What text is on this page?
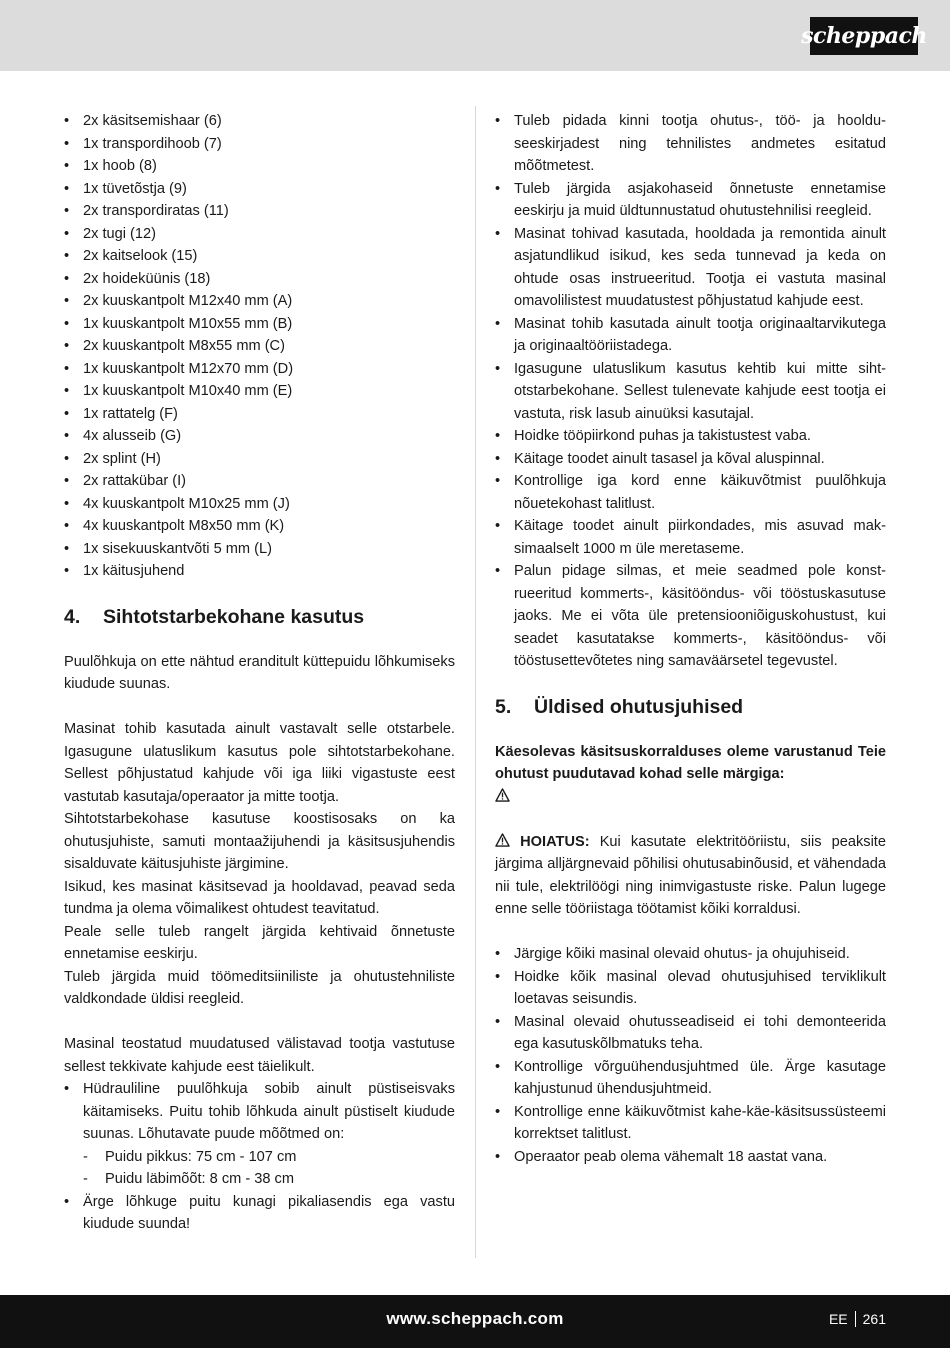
scheppach
• 2x käsitsemishaar (6)
• 1x transpordihoob (7)
• 1x hoob (8)
• 1x tüvetõstja (9)
• 2x transpordiratas (11)
• 2x tugi (12)
• 2x kaitselook (15)
• 2x hoideküünis (18)
• 2x kuuskantpolt M12x40 mm (A)
• 1x kuuskantpolt M10x55 mm (B)
• 2x kuuskantpolt M8x55 mm (C)
• 1x kuuskantpolt M12x70 mm (D)
• 1x kuuskantpolt M10x40 mm (E)
• 1x rattatelg (F)
• 4x alusseib (G)
• 2x splint (H)
• 2x rattakübar (I)
• 4x kuuskantpolt M10x25 mm (J)
• 4x kuuskantpolt M8x50 mm (K)
• 1x sisekuuskantvõti 5 mm (L)
• 1x käitusjuhend
4.	Sihtotstarbekohane kasutus

Puulõhkuja on ette nähtud eranditult küttepuidu lõhkumiseks kiudude suunas.

Masinat tohib kasutada ainult vastavalt selle otstarbele. Igasugune ulatuslikum kasutus pole sihtotstarbekohane. Sellest põhjustatud kahjude või iga liiki vigastuste eest vastutab kasutaja/operaator ja mitte tootja.

Sihtotstarbekohase kasutuse koostisosaks on ka ohutusjuhiste, samuti montaažijuhendi ja käsitsusjuhendis sisalduvate käitusjuhiste järgimine.

Isikud, kes masinat käsitsevad ja hooldavad, peavad seda tundma ja olema võimalikest ohtudest teavitatud.

Peale selle tuleb rangelt järgida kehtivaid õnnetuste ennetamise eeskirju.

Tuleb järgida muid töömeditsiiniliste ja ohutustehniliste valdkondade üldisi reegleid.

Masinal teostatud muudatused välistavad tootja vastutuse sellest tekkivate kahjude eest täielikult.

• Hüdrauliline puulõhkuja sobib ainult püstiseisvaks käitamiseks. Puitu tohib lõhkuda ainult püstiselt kiudude suunas. Lõhutavate puude mõõtmed on:
- Puidu pikkus: 75 cm - 107 cm
- Puidu läbimõõt: 8 cm - 38 cm
• Ärge lõhkuge puitu kunagi pikaliasendis ega vastu kiudude suunda!
• Tuleb pidada kinni tootja ohutus-, töö- ja hoolduseeskirjadest ning tehnilistes andmetes esitatud mõõtmetest.
• Tuleb järgida asjakohaseid õnnetuste ennetamise eeskirju ja muid üldtunnustatud ohutustehnilisi reegleid.
• Masinat tohivad kasutada, hooldada ja remontida ainult asjatundlikud isikud, kes seda tunnevad ja keda on ohtude osas instrueeritud. Tootja ei vastuta masinal omavolilistest muudatustest põhjustatud kahjude eest.
• Masinat tohib kasutada ainult tootja originaaltarvikutega ja originaaltööriistadega.
• Igasugune ulatuslikum kasutus kehtib kui mitte sihtotstarbekohane. Sellest tulenevate kahjude eest tootja ei vastuta, risk lasub ainuüksi kasutajal.
• Hoidke tööpiirkond puhas ja takistustest vaba.
• Käitage toodet ainult tasasel ja kõval aluspinnal.
• Kontrollige iga kord enne käikuvõtmist puulõhkuja nõuetekohast talitlust.
• Käitage toodet ainult piirkondades, mis asuvad maksimaalselt 1000 m üle meretaseme.
• Palun pidage silmas, et meie seadmed pole konstrueeritud kommerts-, käsitööndus- või tööstuskasutuse jaoks. Me ei võta üle pretensiooniõiguskohustust, kui seadet kasutatakse kommerts-, käsitööndus- või tööstusettevõtetes ning samaväärsetel tegevustel.
5.	Üldised ohutusjuhised

Käesolevas käsitsuskorralduses oleme varustanud Teie ohutust puudutavad kohad selle märgiga:

HOIATUS: Kui kasutate elektritööriistu, siis peaksite järgima alljärgnevaid põhilisi ohutusabinõusid, et vähendada nii tule, elektrilöögi ning inimvigastuste riske. Palun lugege enne selle tööriistaga töötamist kõiki korraldusi.

• Järgige kõiki masinal olevaid ohutus- ja ohujuhiseid.
• Hoidke kõik masinal olevad ohutusjuhised terviklikult loetavas seisundis.
• Masinal olevaid ohutusseadiseid ei tohi demonteerida ega kasutuskõlbmatuks teha.
• Kontrollige võrguühendusjuhtmed üle. Ärge kasutage kahjustunud ühendusjuhtmeid.
• Kontrollige enne käikuvõtmist kahe-käe-käsitsussüsteemi korrektset talitlust.
• Operaator peab olema vähemalt 18 aastat vana.
www.scheppach.com	EE 261
